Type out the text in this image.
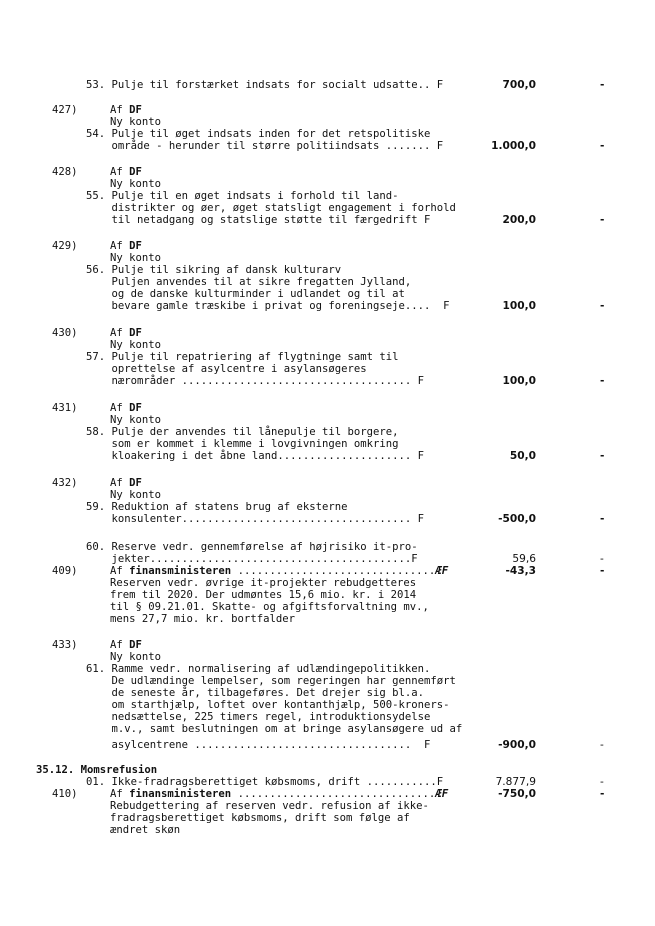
53. Pulje til forstærket indsats for socialt udsatte.. F	700,0	-
427)	Af DF
Ny konto
54. Pulje til øget indsats inden for det retspolitiske
område - herunder til større politiindsats ....... F	1.000,0	-
428)	Af DF
Ny konto
55. Pulje til en øget indsats i forhold til land-
distrikter og øer, øget statsligt engagement i forhold
til netadgang og statslige støtte til færgedrift F	200,0	-
429)	Af DF
Ny konto
56. Pulje til sikring af dansk kulturarv
Puljen anvendes til at sikre fregatten Jylland,
og de danske kulturminder i udlandet og til at
bevare gamle træskibe i privat og foreningseje....  F	100,0	-
430)	Af DF
Ny konto
57. Pulje til repatriering af flygtninge samt til
oprettelse af asylcentre i asylansøgeres
nærområder .................................... F	100,0	-
431)	Af DF
Ny konto
58. Pulje der anvendes til lånepulje til borgere,
som er kommet i klemme i lovgivningen omkring
kloakering i det åbne land..................... F	50,0	-
432)	Af DF
Ny konto
59. Reduktion af statens brug af eksterne
konsulenter.................................... F	-500,0	-
60. Reserve vedr. gennemførelse af højrisiko it-pro-
jekter.........................................F	59,6	-
409)	Af finansministeren ...............................ÆF	-43,3	-
Reserven vedr. øvrige it-projekter rebudgetteres
frem til 2020. Der udmøntes 15,6 mio. kr. i 2014
til § 09.21.01. Skatte- og afgiftsforvaltning mv.,
mens 27,7 mio. kr. bortfalder
433)	Af DF
Ny konto
61. Ramme vedr. normalisering af udlændingepolitikken.
De udlændinge lempelser, som regeringen har gennemført
de seneste år, tilbageføres. Det drejer sig bl.a.
om starthjælp, loftet over kontanthjælp, 500-kroners-
nedsættelse, 225 timers regel, introduktionsydelse
m.v., samt beslutningen om at bringe asylansøgere ud af
asylcentrene ..................................  F	-900,0	-
35.12. Momsrefusion
01. Ikke-fradragsberettiget købsmoms, drift ...........F	7.877,9	-
410)	Af finansministeren ...............................ÆF	-750,0	-
Rebudgettering af reserven vedr. refusion af ikke-
fradragsberettiget købsmoms, drift som følge af
ændret skøn
